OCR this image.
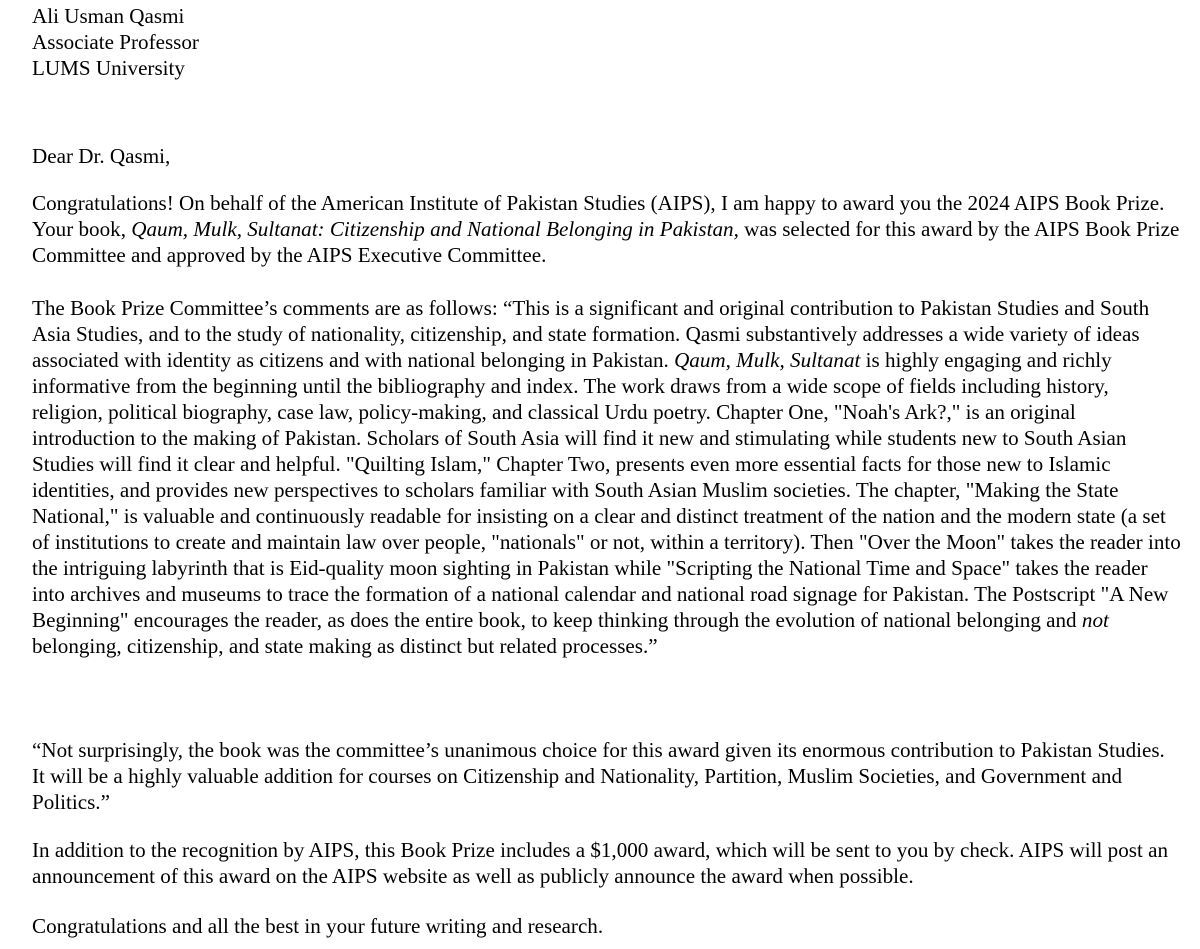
Ali Usman Qasmi

Associate Professor

LUMS University

Dear Dr. Qasmi,

Congratulations! On behalf of the American Institute of Pakistan Studies (AIPS), I am happy to award you the 2024 AIPS Book Prize. Your book, Qaum, Mulk, Sultanat: Citizenship and National Belonging in Pakistan, was selected for this award by the AIPS Book Prize Committee and approved by the AIPS Executive Committee.

The Book Prize Committee’s comments are as follows: “This is a significant and original contribution to Pakistan Studies and South Asia Studies, and to the study of nationality, citizenship, and state formation. Qasmi substantively addresses a wide variety of ideas associated with identity as citizens and with national belonging in Pakistan. Qaum, Mulk, Sultanat is highly engaging and richly informative from the beginning until the bibliography and index. The work draws from a wide scope of fields including history, religion, political biography, case law, policy-making, and classical Urdu poetry. Chapter One, "Noah's Ark?," is an original introduction to the making of Pakistan. Scholars of South Asia will find it new and stimulating while students new to South Asian Studies will find it clear and helpful. "Quilting Islam," Chapter Two, presents even more essential facts for those new to Islamic identities, and provides new perspectives to scholars familiar with South Asian Muslim societies. The chapter, "Making the State National," is valuable and continuously readable for insisting on a clear and distinct treatment of the nation and the modern state (a set of institutions to create and maintain law over people, "nationals" or not, within a territory). Then "Over the Moon" takes the reader into the intriguing labyrinth that is Eid-quality moon sighting in Pakistan while "Scripting the National Time and Space" takes the reader into archives and museums to trace the formation of a national calendar and national road signage for Pakistan. The Postscript "A New Beginning" encourages the reader, as does the entire book, to keep thinking through the evolution of national belonging and not belonging, citizenship, and state making as distinct but related processes.”

“Not surprisingly, the book was the committee’s unanimous choice for this award given its enormous contribution to Pakistan Studies. It will be a highly valuable addition for courses on Citizenship and Nationality, Partition, Muslim Societies, and Government and Politics.”

In addition to the recognition by AIPS, this Book Prize includes a $1,000 award, which will be sent to you by check. AIPS will post an announcement of this award on the AIPS website as well as publicly announce the award when possible.

Congratulations and all the best in your future writing and research.
